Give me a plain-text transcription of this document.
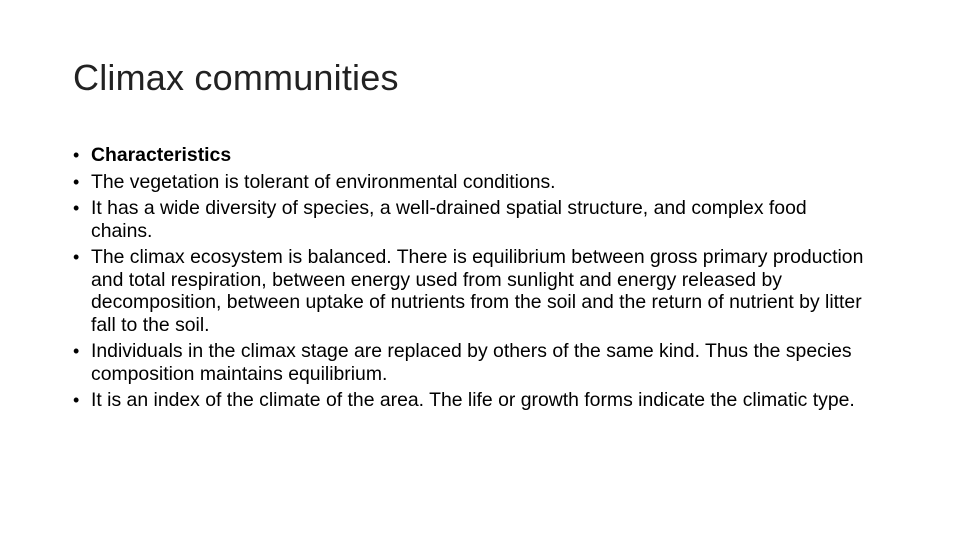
Climax communities
• Characteristics
• The vegetation is tolerant of environmental conditions.
• It has a wide diversity of species, a well-drained spatial structure, and complex food chains.
• The climax ecosystem is balanced. There is equilibrium between gross primary production and total respiration, between energy used from sunlight and energy released by decomposition, between uptake of nutrients from the soil and the return of nutrient by litter fall to the soil.
• Individuals in the climax stage are replaced by others of the same kind. Thus the species composition maintains equilibrium.
• It is an index of the climate of the area. The life or growth forms indicate the climatic type.
